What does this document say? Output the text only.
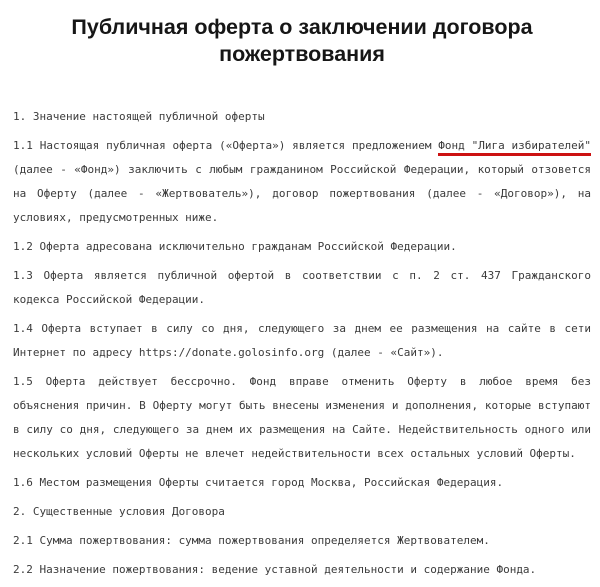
Публичная оферта о заключении договора пожертвования

1. Значение настоящей публичной оферты

1.1 Настоящая публичная оферта («Оферта») является предложением Фонд "Лига избирателей" (далее - «Фонд») заключить с любым гражданином Российской Федерации, который отзовется на Оферту (далее - «Жертвователь»), договор пожертвования (далее - «Договор»), на условиях, предусмотренных ниже.

1.2 Оферта адресована исключительно гражданам Российской Федерации.

1.3 Оферта является публичной офертой в соответствии с п. 2 ст. 437 Гражданского кодекса Российской Федерации.

1.4 Оферта вступает в силу со дня, следующего за днем ее размещения на сайте в сети Интернет по адресу https://donate.golosinfo.org (далее - «Сайт»).

1.5 Оферта действует бессрочно. Фонд вправе отменить Оферту в любое время без объяснения причин. В Оферту могут быть внесены изменения и дополнения, которые вступают в силу со дня, следующего за днем их размещения на Сайте. Недействительность одного или нескольких условий Оферты не влечет недействительности всех остальных условий Оферты.

1.6 Местом размещения Оферты считается город Москва, Российская Федерация.

2. Существенные условия Договора

2.1 Сумма пожертвования: сумма пожертвования определяется Жертвователем.

2.2 Назначение пожертвования: ведение уставной деятельности и содержание Фонда.
